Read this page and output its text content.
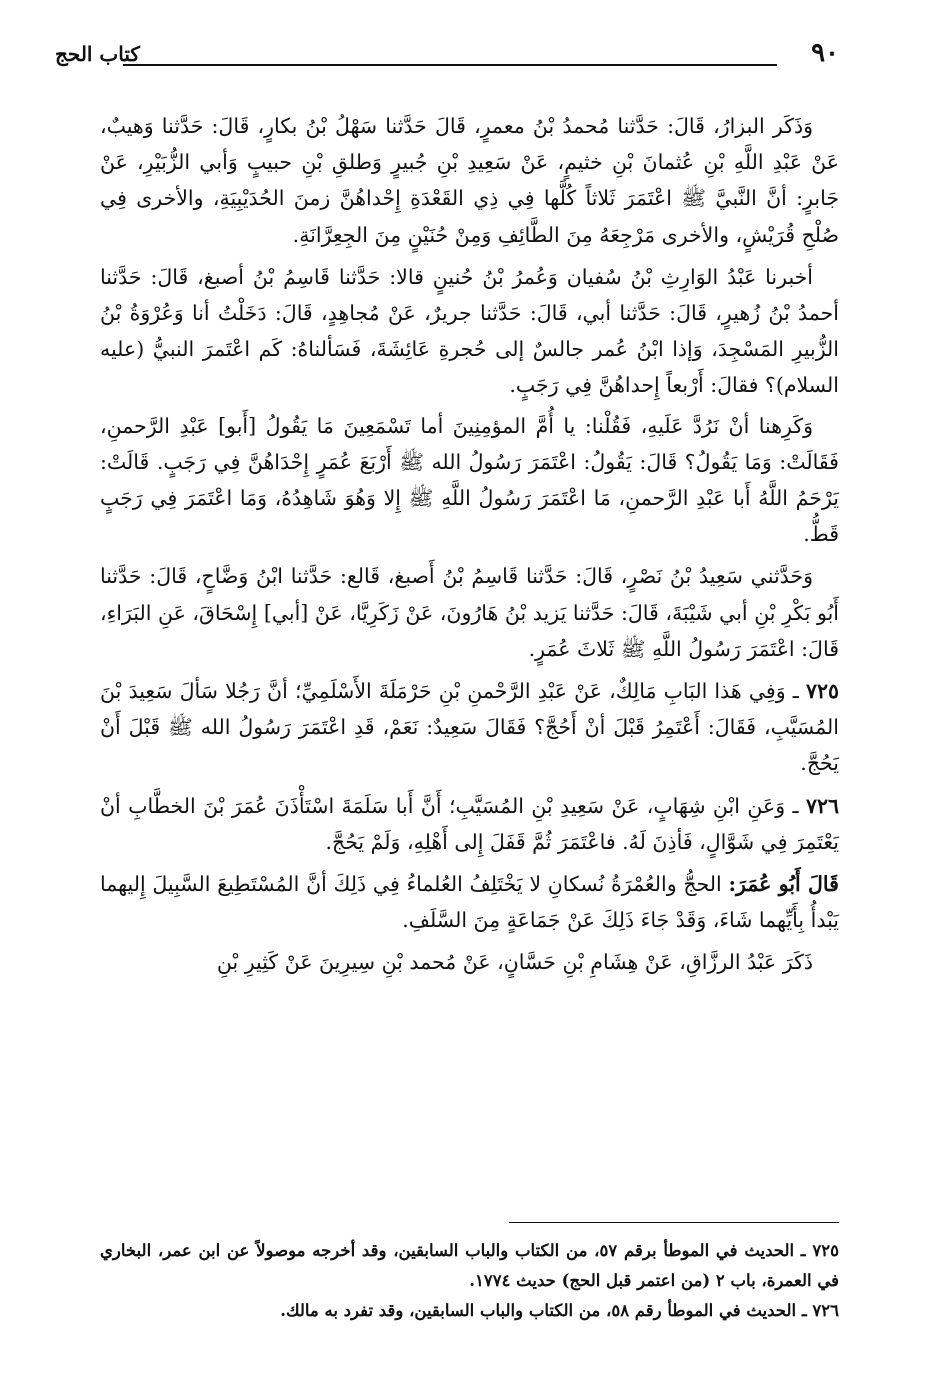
٩٠
كتاب الحج

وَذَكَر البزارُ، قَالَ: حَدَّثنا مُحمدُ بْنُ معمرٍ، قَالَ حَدَّثنا سَهْلُ بْنُ بكارٍ، قَالَ: حَدَّثنا وَهيبٌ، عَنْ عَبْدِ اللَّهِ بْنِ عُثمانَ بْنِ خثيمٍ، عَنْ سَعِيدِ بْنِ جُبيرٍ وَطلقِ بْنِ حبيبٍ وَأبي الزُّبَيْرِ، عَنْ جَابرٍ: أنَّ النَّبيَّ ﷺ اعْتَمَرَ ثَلاثاً كُلَّها فِي ذِي القَعْدَةِ إِحْداهُنَّ زمنَ الحُدَيْبِيَةِ، والأخرى فِي صُلْحِ قُرَيْشٍ، والأخرى مَرْجِعَهُ مِنَ الطَّائِفِ وَمِنْ حُنَيْنٍ مِنَ الجِعِرَّانَةِ.

أخبرنا عَبْدُ الوَارِثِ بْنُ سُفيان وَعُمرُ بْنُ حُنينٍ قالا: حَدَّثنا قَاسِمُ بْنُ أصبغ، قَالَ: حَدَّثنا أحمدُ بْنُ زُهيرٍ، قَالَ: حَدَّثنا أبي، قَالَ: حَدَّثنا جريرٌ، عَنْ مُجاهِدٍ، قَالَ: دَخَلْتُ أنا وَعُرْوَةُ بْنُ الزُّبيرِ المَسْجِدَ، وَإذا ابْنُ عُمر جالسٌ إلى حُجرةِ عَائِشَةَ، فَسَألناهُ: كَم اعْتَمرَ النبيُّ (عليه السلام)؟ فقالَ: أَرْبعاً إِحداهُنَّ فِي رَجَبٍ.

وَكَرِهنا أنْ نَرُدَّ عَلَيهِ، فَقُلْنا: يا أُمَّ المؤمِنِينَ أما تَسْمَعِينَ مَا يَقُولُ [أَبو] عَبْدِ الرَّحمنِ، فَقَالَتْ: وَمَا يَقُولُ؟ قَالَ: يَقُولُ: اعْتَمَرَ رَسُولُ الله ﷺ أَرْبَعَ عُمَرٍ إِحْدَاهُنَّ فِي رَجَبٍ. قَالَتْ: يَرْحَمُ اللَّهُ أَبا عَبْدِ الرَّحمنِ، مَا اعْتَمَرَ رَسُولُ اللَّهِ ﷺ إِلا وَهُوَ شَاهِدُهُ، وَمَا اعْتَمَرَ فِي رَجَبٍ قَطُّ.

وَحَدَّثني سَعِيدُ بْنُ نَصْرٍ، قَالَ: حَدَّثنا قَاسِمُ بْنُ أَصبغ، قَالع: حَدَّثنا ابْنُ وَضَّاحٍ، قَالَ: حَدَّثنا أَبُو بَكْرِ بْنِ أبي شَيْبَةَ، قَالَ: حَدَّثنا يَزيد بْنُ هَارُونَ، عَنْ زَكَرِيَّا، عَنْ [أبي] إِسْحَاقَ، عَنِ البَرَاءِ، قَالَ: اعْتَمَرَ رَسُولُ اللَّهِ ﷺ ثَلاثَ عُمَرٍ.

٧٢٥ ـ وَفِي هَذا البَابِ مَالِكٌ، عَنْ عَبْدِ الرَّحْمنِ بْنِ حَرْمَلَةَ الأَسْلَمِيِّ؛ أنَّ رَجُلا سَألَ سَعِيدَ بْنَ المُسَيَّبِ، فَقَالَ: أَعْتَمِرُ قَبْلَ أنْ أَحُجَّ؟ فَقَالَ سَعِيدٌ: نَعَمْ، قَدِ اعْتَمَرَ رَسُولُ الله ﷺ قَبْلَ أَنْ يَحُجَّ.

٧٢٦ ـ وَعَنِ ابْنِ شِهَابٍ، عَنْ سَعِيدِ بْنِ المُسَيَّبِ؛ أَنَّ أَبا سَلَمَةَ اسْتَأْذَنَ عُمَرَ بْنَ الخطَّابِ أنْ يَعْتَمِرَ فِي شَوَّالٍ، فَأذِنَ لَهُ. فاعْتَمَرَ ثُمَّ قَفَلَ إِلى أَهْلِهِ، وَلَمْ يَحُجَّ.

قَالَ أَبُو عُمَرَ: الحجُّ والعُمْرَةُ نُسكانِ لا يَخْتَلِفُ العُلماءُ فِي ذَلِكَ أنَّ المُسْتَطِيعَ السَّبِيلَ إِليهما يَبْدأُ بِأَيِّهما شَاءَ، وَقَدْ جَاءَ ذَلِكَ عَنْ جَمَاعَةٍ مِنَ السَّلَفِ.

ذَكَرَ عَبْدُ الرزَّاقِ، عَنْ هِشَامِ بْنِ حَسَّانٍ، عَنْ مُحمد بْنِ سِيرِينَ عَنْ كَثِيرِ بْنِ

٧٢٥ ـ الحديث في الموطأ برقم ٥٧، من الكتاب والباب السابقين، وقد أخرجه موصولاً عن ابن عمر، البخاري في العمرة، باب ٢ (من اعتمر قبل الحج) حديث ١٧٧٤.

٧٢٦ ـ الحديث في الموطأ رقم ٥٨، من الكتاب والباب السابقين، وقد تفرد به مالك.
